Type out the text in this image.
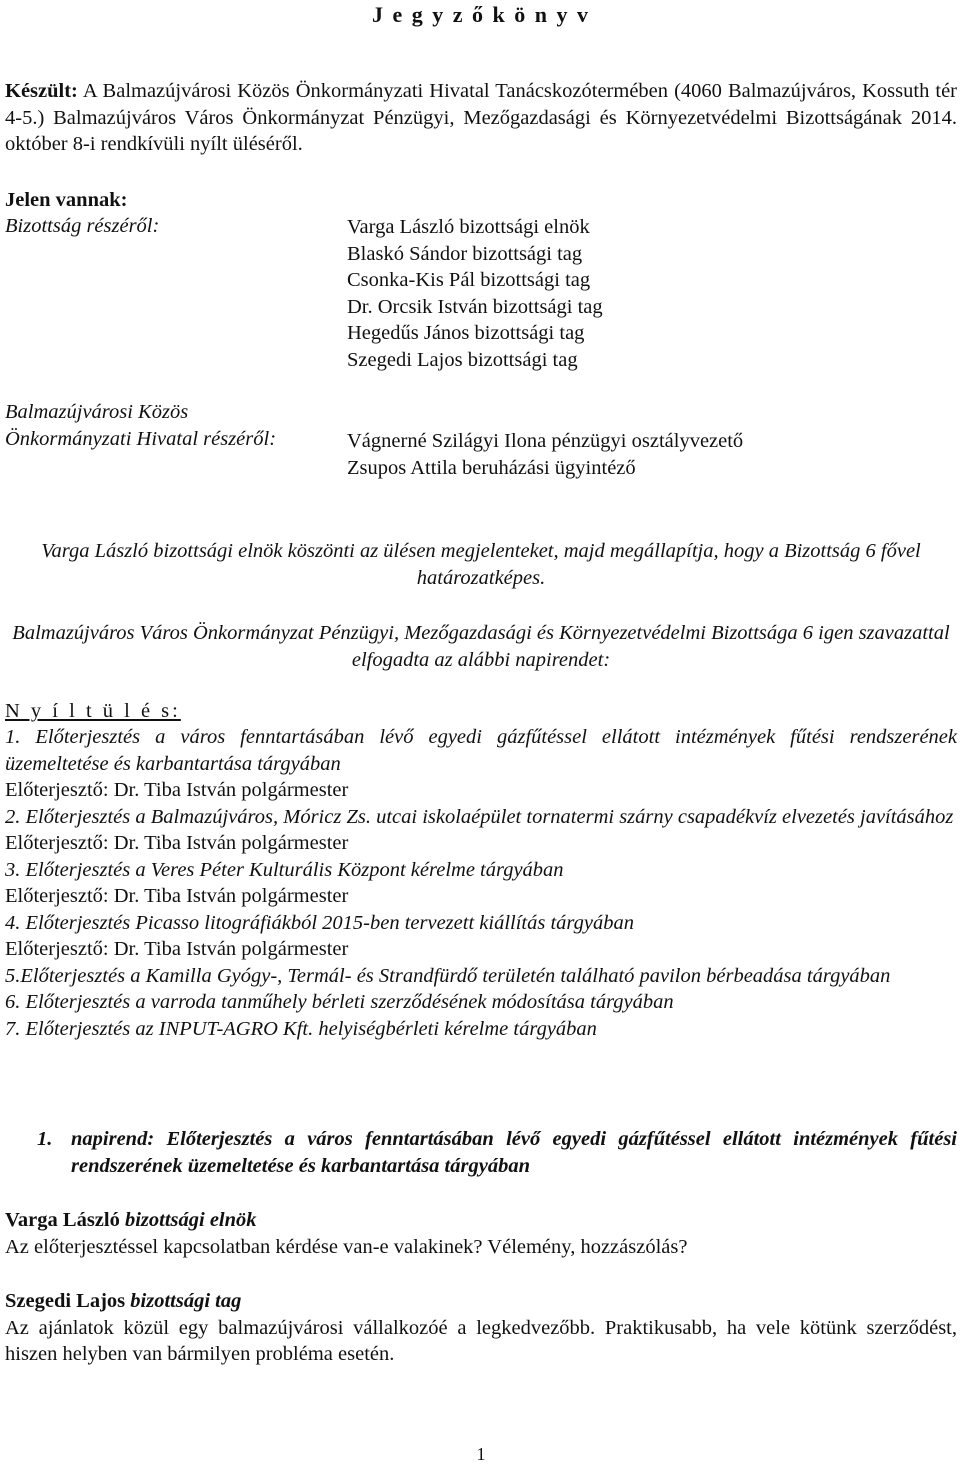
J e g y z ő k ö n y v
Készült: A Balmazújvárosi Közös Önkormányzati Hivatal Tanácskozótermében (4060 Balmazújváros, Kossuth tér 4-5.) Balmazújváros Város Önkormányzat Pénzügyi, Mezőgazdasági és Környezetvédelmi Bizottságának 2014. október 8-i rendkívüli nyílt üléséről.
Jelen vannak:
Bizottság részéről:	Varga László bizottsági elnök
Blaskó Sándor bizottsági tag
Csonka-Kis Pál bizottsági tag
Dr. Orcsik István bizottsági tag
Hegedűs János bizottsági tag
Szegedi Lajos bizottsági tag
Balmazújvárosi Közös
Önkormányzati Hivatal részéről:	Vágnerné Szilágyi Ilona pénzügyi osztályvezető
Zsupos Attila beruházási ügyintéző
Varga László bizottsági elnök köszönti az ülésen megjelenteket, majd megállapítja, hogy a Bizottság 6 fővel határozatképes.
Balmazújváros Város Önkormányzat Pénzügyi, Mezőgazdasági és Környezetvédelmi Bizottsága 6 igen szavazattal elfogadta az alábbi napirendet:
N y í l t ü l é s:
1. Előterjesztés a város fenntartásában lévő egyedi gázfűtéssel ellátott intézmények fűtési rendszerének üzemeltetése és karbantartása tárgyában
Előterjesztő: Dr. Tiba István polgármester
2. Előterjesztés a Balmazújváros, Móricz Zs. utcai iskolaépület tornatermi szárny csapadékvíz elvezetés javításához
Előterjesztő: Dr. Tiba István polgármester
3. Előterjesztés a Veres Péter Kulturális Központ kérelme tárgyában
Előterjesztő: Dr. Tiba István polgármester
4. Előterjesztés Picasso litográfiákból 2015-ben tervezett kiállítás tárgyában
Előterjesztő: Dr. Tiba István polgármester
5.Előterjesztés a Kamilla Gyógy-, Termál- és Strandfürdő területén található pavilon bérbeadása tárgyában
6. Előterjesztés a varroda tanműhely bérleti szerződésének módosítása tárgyában
7. Előterjesztés az INPUT-AGRO Kft. helyiségbérleti kérelme tárgyában
1. napirend: Előterjesztés a város fenntartásában lévő egyedi gázfűtéssel ellátott intézmények fűtési rendszerének üzemeltetése és karbantartása tárgyában
Varga László bizottsági elnök
Az előterjesztéssel kapcsolatban kérdése van-e valakinek? Vélemény, hozzászólás?
Szegedi Lajos bizottsági tag
Az ajánlatok közül egy balmazújvárosi vállalkozóé a legkedvezőbb. Praktikusabb, ha vele kötünk szerződést, hiszen helyben van bármilyen probléma esetén.
1
